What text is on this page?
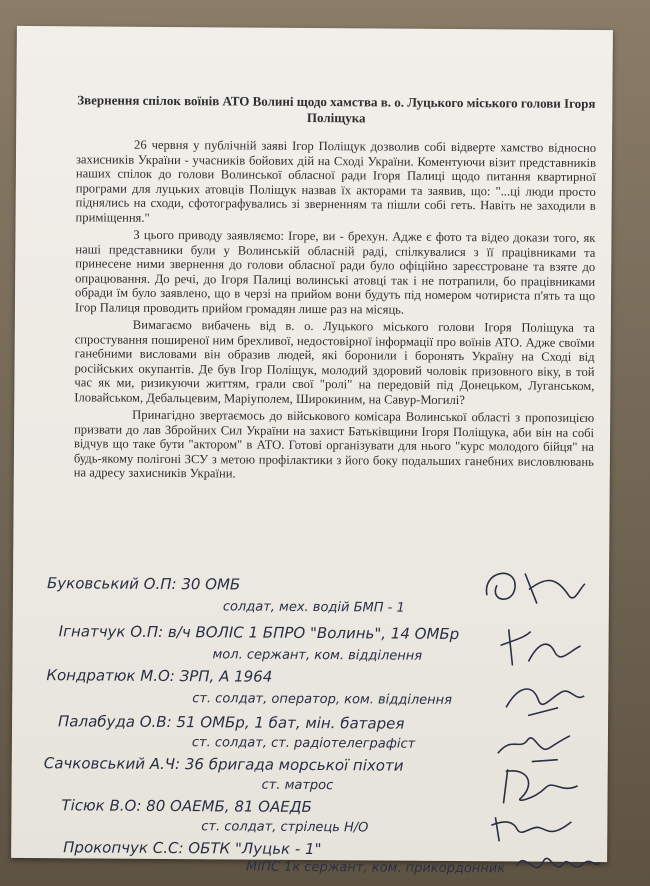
Звернення спілок воїнів АТО Волині щодо хамства в. о. Луцького міського голови Ігоря Поліщука

26 червня у публічній заяві Ігор Поліщук дозволив собі відверте хамство відносно захисників України - учасників бойових дій на Сході України. Коментуючи візит представників наших спілок до голови Волинської обласної ради Ігоря Палиці щодо питання квартирної програми для луцьких атовців Поліщук назвав їх акторами та заявив, що: "...ці люди просто піднялись на сходи, сфотографувались зі зверненням та пішли собі геть. Навіть не заходили в приміщення."

З цього приводу заявляємо: Ігоре, ви - брехун. Адже є фото та відео докази того, як наші представники були у Волинській обласній раді, спілкувалися з її працівниками та принесене ними звернення до голови обласної ради було офіційно зареєстроване та взяте до опрацювання. До речі, до Ігоря Палиці волинські атовці так і не потрапили, бо працівниками обради їм було заявлено, що в черзі на прийом вони будуть під номером чотириста п'ять та що Ігор Палиця проводить прийом громадян лише раз на місяць.

Вимагаємо вибачень від в. о. Луцького міського голови Ігоря Поліщука та спростування поширеної ним брехливої, недостовірної інформації про воїнів АТО. Адже своїми ганебними висловами він образив людей, які боронили і боронять Україну на Сході від російських окупантів. Де був Ігор Поліщук, молодий здоровий чоловік призовного віку, в той час як ми, ризикуючи життям, грали свої "ролі" на передовій під Донецьком, Луганськом, Іловайськом, Дебальцевим, Маріуполем, Широкиним, на Савур-Могилі?

Принагідно звертаємось до військового комісара Волинської області з пропозицією призвати до лав Збройних Сил України на захист Батьківщини Ігоря Поліщука, аби він на собі відчув що таке бути "актором" в АТО. Готові організувати для нього "курс молодого бійця" на будь-якому полігоні ЗСУ з метою профілактики з його боку подальших ганебних висловлювань на адресу захисників України.

Буковський О.П: 30 ОМБ
солдат, мех. водій БМП - 1
Ігнатчук О.П: в/ч ВОЛІС 1 БПРО "Волинь", 14 ОМБр
мол. сержант, ком. відділення
Кондратюк М.О: ЗРП, А 1964
ст. солдат, оператор, ком. відділення
Палабуда О.В: 51 ОМБр, 1 бат, мін. батарея
ст. солдат, ст. радіотелеграфіст
Сачковський А.Ч: 36 бригада морської піхоти
ст. матрос
Тісюк В.О: 80 ОАЕМБ, 81 ОАЕДБ
ст. солдат, стрілець Н/О
Прокопчук С.С: ОБТК "Луцьк - 1"
МІПС 1к сержант, ком. прикордонник
